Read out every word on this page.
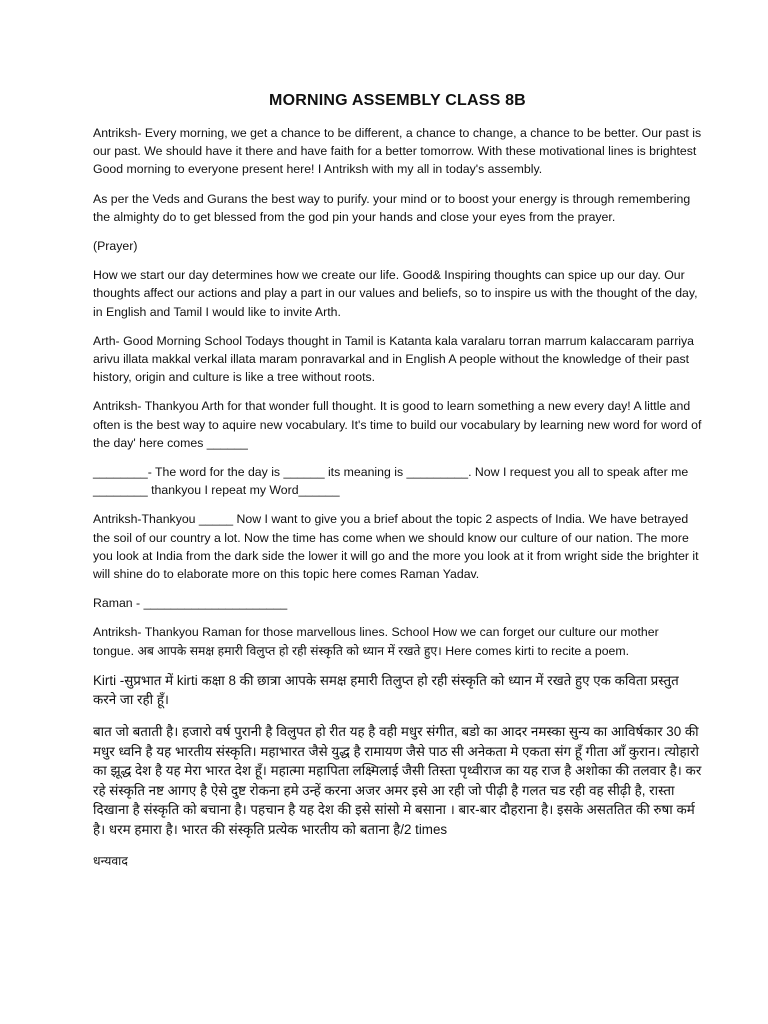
MORNING ASSEMBLY CLASS 8B

Antriksh- Every morning, we get a chance to be different, a chance to change, a chance to be better. Our past is our past. We should have it there and have faith for a better tomorrow. With these motivational lines is brightest Good morning to everyone present here! I Antriksh with my all in today's assembly.

As per the Veds and Gurans the best way to purify. your mind or to boost your energy is through remembering the almighty do to get blessed from the god pin your hands and close your eyes from the prayer.

(Prayer)

How we start our day determines how we create our life. Good& Inspiring thoughts can spice up our day. Our thoughts affect our actions and play a part in our values and beliefs, so to inspire us with the thought of the day, in English and Tamil I would like to invite Arth.

Arth- Good Morning School Todays thought in Tamil is Katanta kala varalaru torran marrum kalaccaram parriya arivu illata makkal verkal illata maram ponravarkal and in English A people without the knowledge of their past history, origin and culture is like a tree without roots.

Antriksh- Thankyou Arth for that wonder full thought. It is good to learn something a new every day! A little and often is the best way to aquire new vocabulary. It's time to build our vocabulary by learning new word for word of the day' here comes ______

________- The word for the day is ______ its meaning is _________. Now I request you all to speak after me ________ thankyou I repeat my Word______

Antriksh-Thankyou _____ Now I want to give you a brief about the topic 2 aspects of India. We have betrayed the soil of our country a lot. Now the time has come when we should know our culture of our nation. The more you look at India from the dark side the lower it will go and the more you look at it from wright side the brighter it will shine do to elaborate more on this topic here comes Raman Yadav.

Raman - _____________________

Antriksh- Thankyou Raman for those marvellous lines. School How we can forget our culture our mother tongue. अब आपके समक्ष हमारी विलुप्त हो रही संस्कृति को ध्यान में रखते हुए। Here comes kirti to recite a poem.

Kirti -सुप्रभात में kirti कक्षा 8 की छात्रा आपके समक्ष हमारी तिलुप्त हो रही संस्कृति को ध्यान में रखते हुए एक कविता प्रस्तुत करने जा रही हूँ।

बात जो बताती है। हजारो वर्ष पुरानी है विलुपत हो रीत यह है वही मधुर संगीत, बडो का आदर नमस्का सुन्य का आविर्षकार 30 की मधुर ध्वनि है यह भारतीय संस्कृति। महाभारत जैसे युद्ध है रामायण जैसे पाठ सी अनेकता मे एकता संग हूँ गीता आँ कुरान। त्योहारो का झूद्ध देश है यह मेरा भारत देश हूँ। महात्मा महापिता लक्ष्मिलाई जैसी तिस्ता पृथ्वीराज का यह राज है अशोका की तलवार है। कर रहे संस्कृति नष्ट आगए है ऐसे दुष्ट रोकना हमे उन्हें करना अजर अमर इसे आ रही जो पीढ़ी है गलत चड रही वह सीढ़ी है, रास्ता दिखाना है संस्कृति को बचाना है। पहचान है यह देश की इसे सांसो मे बसाना । बार-बार दौहराना है। इसके असततित की रुषा कर्म है। धरम हमारा है। भारत की संस्कृति प्रत्येक भारतीय को बताना है/2 times

धन्यवाद
